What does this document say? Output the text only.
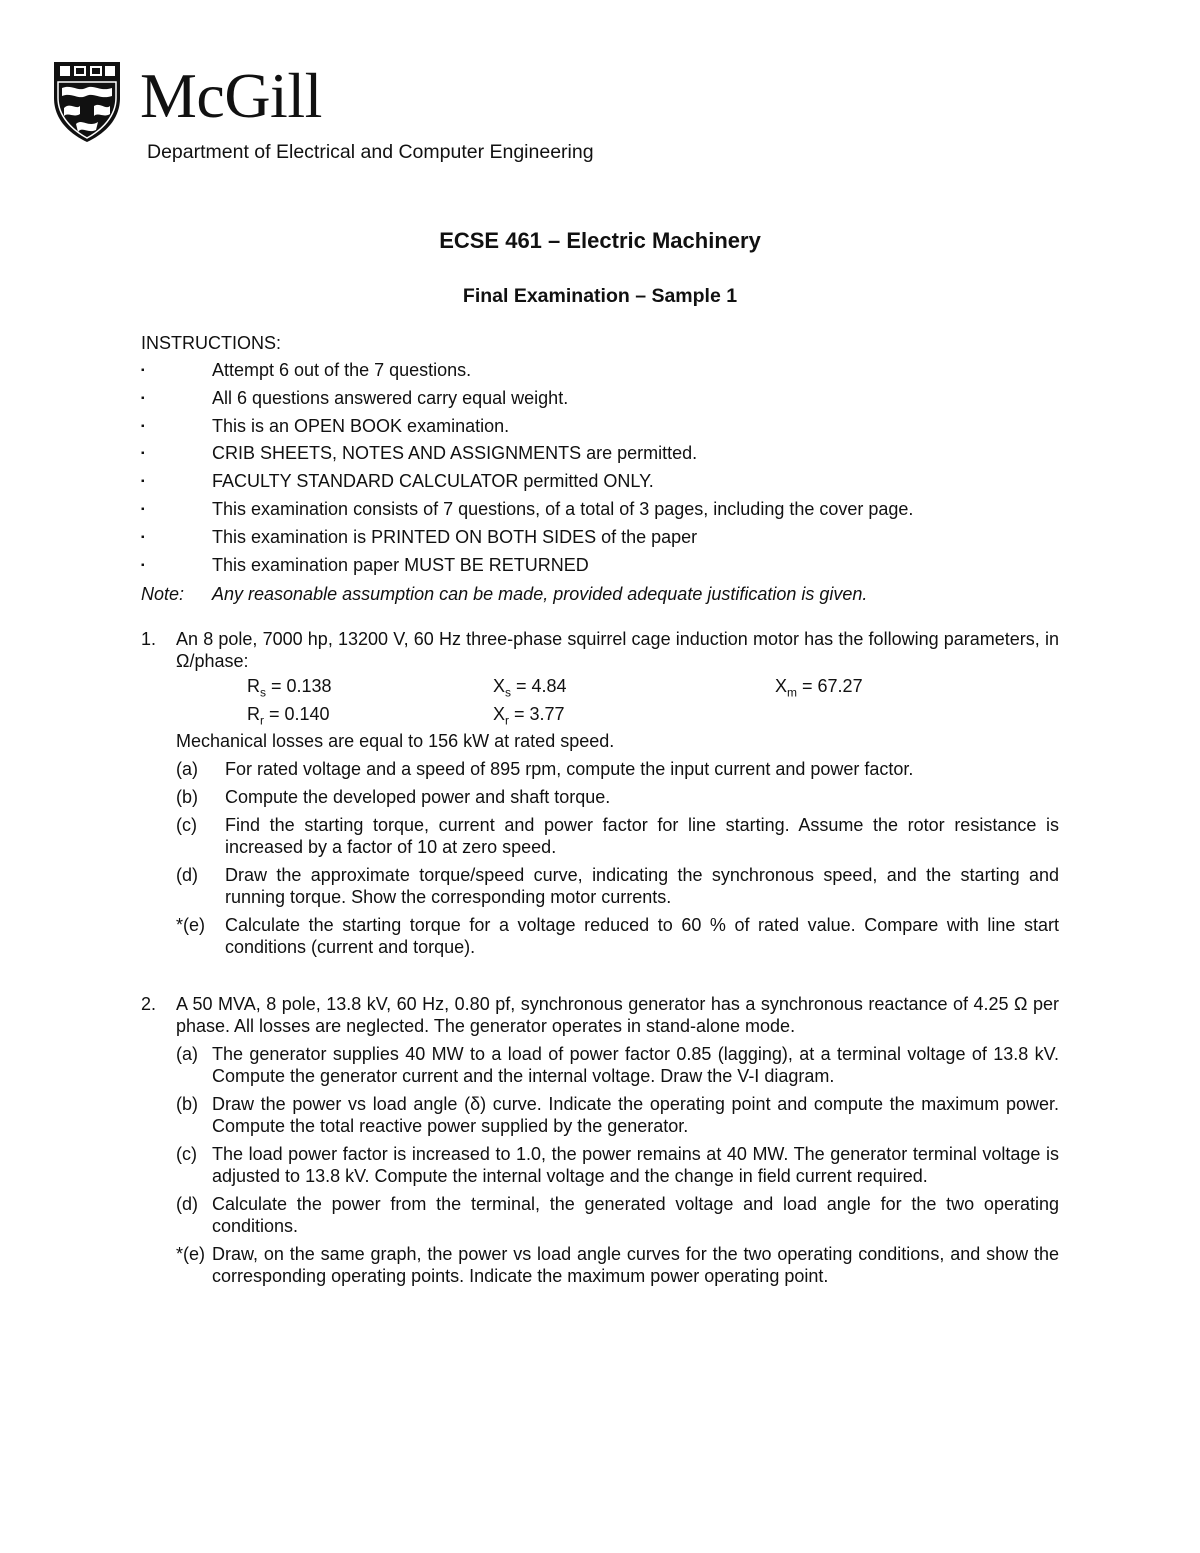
McGill
Department of Electrical and Computer Engineering
ECSE 461 – Electric Machinery
Final Examination – Sample 1
INSTRUCTIONS:
▪	Attempt 6 out of the 7 questions.
▪	All 6 questions answered carry equal weight.
▪	This is an OPEN BOOK examination.
▪	CRIB SHEETS, NOTES AND ASSIGNMENTS are permitted.
▪	FACULTY STANDARD CALCULATOR permitted ONLY.
▪	This examination consists of 7 questions, of a total of 3 pages, including the cover page.
▪	This examination is PRINTED ON BOTH SIDES of the paper
▪	This examination paper MUST BE RETURNED
Note: Any reasonable assumption can be made, provided adequate justification is given.
1. An 8 pole, 7000 hp, 13200 V, 60 Hz three-phase squirrel cage induction motor has the following parameters, in Ω/phase:
$R_s = 0.138$	$X_s = 4.84$	$X_m = 67.27$
$R_r = 0.140$	$X_r = 3.77$
Mechanical losses are equal to 156 kW at rated speed.
(a) For rated voltage and a speed of 895 rpm, compute the input current and power factor.
(b) Compute the developed power and shaft torque.
(c) Find the starting torque, current and power factor for line starting. Assume the rotor resistance is increased by a factor of 10 at zero speed.
(d) Draw the approximate torque/speed curve, indicating the synchronous speed, and the starting and running torque. Show the corresponding motor currents.
*(e) Calculate the starting torque for a voltage reduced to 60 % of rated value. Compare with line start conditions (current and torque).
2. A 50 MVA, 8 pole, 13.8 kV, 60 Hz, 0.80 pf, synchronous generator has a synchronous reactance of 4.25 Ω per phase. All losses are neglected. The generator operates in stand-alone mode.
(a) The generator supplies 40 MW to a load of power factor 0.85 (lagging), at a terminal voltage of 13.8 kV. Compute the generator current and the internal voltage. Draw the V-I diagram.
(b) Draw the power vs load angle (δ) curve. Indicate the operating point and compute the maximum power. Compute the total reactive power supplied by the generator.
(c) The load power factor is increased to 1.0, the power remains at 40 MW. The generator terminal voltage is adjusted to 13.8 kV. Compute the internal voltage and the change in field current required.
(d) Calculate the power from the terminal, the generated voltage and load angle for the two operating conditions.
*(e) Draw, on the same graph, the power vs load angle curves for the two operating conditions, and show the corresponding operating points. Indicate the maximum power operating point.
